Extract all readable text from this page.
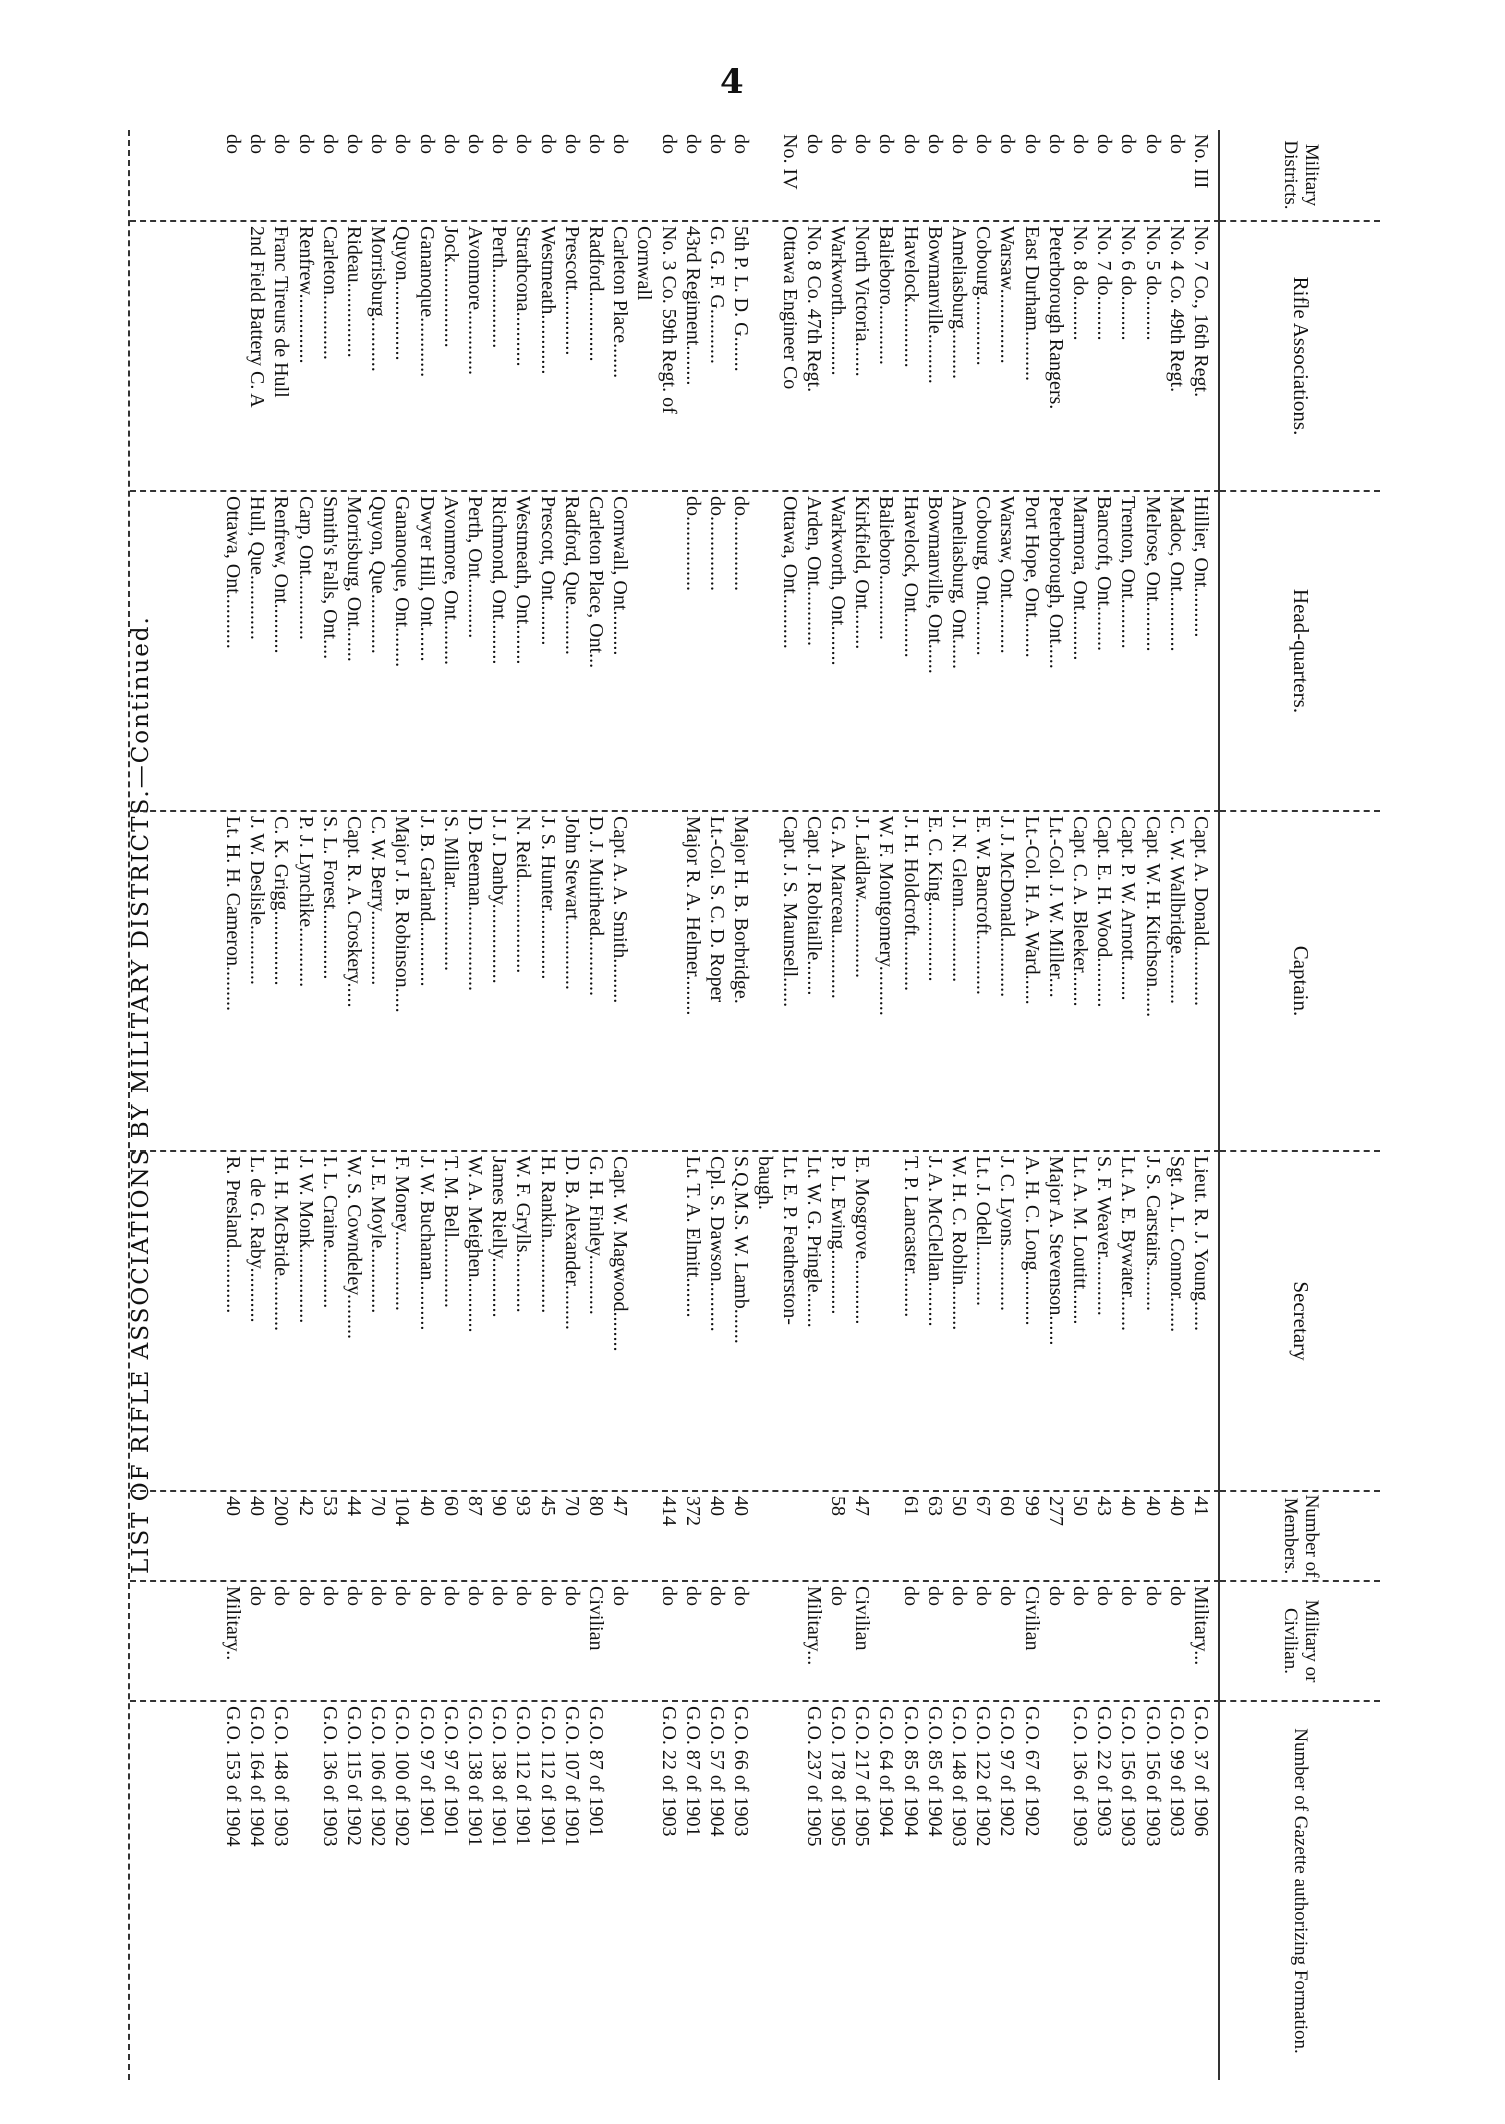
4
LIST OF RIFLE ASSOCIATIONS BY MILITARY DISTRICTS.—Continued.
Military Districts.
Rifle Associations.
Head-quarters.
Captain.
Secretary
Number of Members.
Military or Civilian.
Number of Gazette authorizing Formation.
No. III
No. 7 Co., 16th Regt.
Hillier, Ont..........
Capt. A. Donald............
Lieut. R. J. Young......
41
Military...
G.O. 37 of 1906
do
No. 4 Co. 49th Regt.
Madoc, Ont............
C. W. Wallbridge..........
Sgt. A. L. Connor.......
40
do
G.O. 99 of 1903
do
No. 5 do.........
Melrose, Ont..........
Capt. W. H. Kitchson......
J. S. Carstairs.........
40
do
G.O. 156 of 1903
do
No. 6 do.........
Trenton, Ont..........
Capt. P. W. Arnott........
Lt. A. E. Bywater.......
40
do
G.O. 156 of 1903
do
No. 7 do.........
Bancroft, Ont.........
Capt. E. H. Wood..........
S. F. Weaver............
43
do
G.O. 22 of 1903
do
No. 8 do.........
Marmora, Ont..........
Capt. C. A. Bleeker.......
Lt. A. M. Loutitt.......
50
do
G.O. 136 of 1903
do
Peterborough Rangers.
Peterborough, Ont.....
Lt.-Col. J. W. Miller....
Major A. Stevenson......
277
do
do
East Durham..........
Port Hope, Ont........
Lt.-Col. H. A. Ward......
A. H. C. Long...........
99
Civilian
G.O. 67 of 1902
do
Warsaw...............
Warsaw, Ont...........
J. J. McDonald............
J. C. Lyons.............
60
do
G.O. 97 of 1902
do
Cobourg..............
Cobourg, Ont..........
E. W. Bancroft............
Lt. J. Odell............
67
do
G.O. 122 of 1902
do
Ameliasburg..........
Ameliasburg, Ont......
J. N. Glenn...............
W. H. C. Roblin.........
50
do
G.O. 148 of 1903
do
Bowmanville..........
Bowmanville, Ont......
E. C. King................
J. A. McClellan.........
63
do
G.O. 85 of 1904
do
Havelock.............
Havelock, Ont.........
J. H. Holdcroft...........
T. P. Lancaster.........
61
do
G.O. 85 of 1904
do
Balieboro............
Balieboro.............
W. F. Montgomery..........
G.O. 64 of 1904
do
North Victoria.......
Kirkfield, Ont........
J. Laidlaw................
E. Mosgrove.............
47
Civilian
G.O. 217 of 1905
do
Warkworth............
Warkworth, Ont........
G. A. Marceau.............
P. L. Ewing.............
58
do
G.O. 178 of 1905
do
No. 8 Co. 47th Regt.
Arden, Ont............
Capt. J. Robitaille.......
Lt. W. G. Pringle.......
Military...
G.O. 237 of 1905
No. IV
Ottawa Engineer Co
Ottawa, Ont...........
Capt. J. S. Maunsell......
Lt. E. P. Featherston-
baugh.
do
5th P. L. D. G.......
do...............
Major H. B. Borbridge.
S.Q.M.S. W. Lamb.......
40
do
G.O. 66 of 1903
do
G. G. F. G...........
do...............
Lt.-Col. S. C. D. Roper
Cpl. S. Dawson..........
40
do
G.O. 57 of 1904
do
43rd Regiment........
do...............
Major R. A. Helmer........
Lt. T. A. Elmitt........
372
do
G.O. 87 of 1901
do
No. 3 Co. 59th Regt. of
414
do
G.O. 22 of 1903
Cornwall
do
Carleton Place.......
Cornwall, Ont.........
Capt. A. A. Smith.........
Capt. W. Magwood........
47
do
do
Radford..............
Carleton Place, Ont...
D. J. Muirhead............
G. H. Finley............
80
Civilian
G.O. 87 of 1901
do
Prescott.............
Radford, Que..........
John Stewart..............
D. B. Alexander.........
70
do
G.O. 107 of 1901
do
Westmeath............
Prescott, Ont.........
J. S. Hunter..............
H. Rankin...............
45
do
G.O. 112 of 1901
do
Strathcona...........
Westmeath, Ont........
N. Reid...................
W. F. Grylls............
93
do
G.O. 112 of 1901
do
Perth................
Richmond, Ont.........
J. J. Danby................
James Rielly............
90
do
G.O. 138 of 1901
do
Avonmore.............
Perth, Ont............
D. Beeman.................
W. A. Meighen...........
87
do
G.O. 138 of 1901
do
Jock.................
Avonmore, Ont.........
S. Millar.................
T. M. Bell..............
60
do
G.O. 97 of 1901
do
Gananoque............
Dwyer Hill, Ont.......
J. B. Garland.............
J. W. Buchanan..........
40
do
G.O. 97 of 1901
do
Quyon................
Gananoque, Ont........
Major J. B. Robinson.....
F. Money................
104
do
G.O. 100 of 1902
do
Morrisburg...........
Quyon, Que............
C. W. Berry...............
J. E. Moyle.............
70
do
G.O. 106 of 1902
do
Rideau...............
Morrisburg, Ont.......
Capt. R. A. Croskery.....
W. S. Cowndeley.........
44
do
G.O. 115 of 1902
do
Carleton.............
Smith's Falls, Ont....
S. L. Forest..............
I. L. Craine............
53
do
G.O. 136 of 1903
do
Renfrew..............
Carp, Ont.............
P. J. Lynchike............
J. W. Monk...............
42
do
do
Franc Tireurs de Hull
Renfrew, Ont..........
C. K. Grigg...............
H. H. McBride...........
200
do
G.O. 148 of 1903
do
2nd Field Battery C. A
Hull, Que.............
J. W. Deslisle............
L. de G. Raby...........
40
do
G.O. 164 of 1904
do
Ottawa, Ont...........
Lt. H. H. Cameron.........
R. Presland.............
40
Military..
G.O. 153 of 1904
